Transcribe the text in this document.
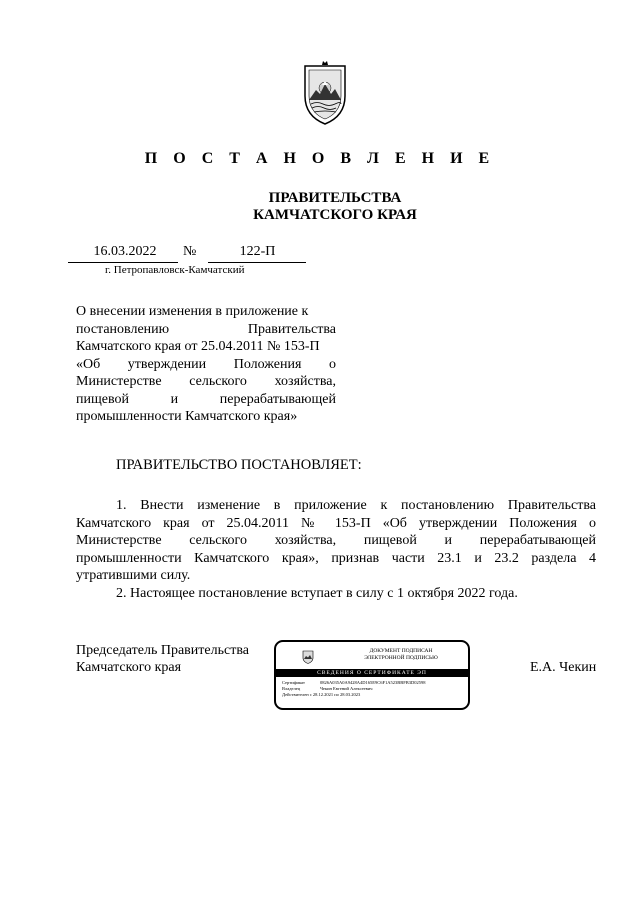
П О С Т А Н О В Л Е Н И Е
ПРАВИТЕЛЬСТВА
КАМЧАТСКОГО КРАЯ
16.03.2022	№	122-П
г. Петропавловск-Камчатский
О внесении изменения в приложение к
постановлению Правительства
Камчатского края от 25.04.2011 № 153-П
«Об утверждении Положения о
Министерстве сельского хозяйства,
пищевой и перерабатывающей
промышленности Камчатского края»
ПРАВИТЕЛЬСТВО ПОСТАНОВЛЯЕТ:
1. Внести изменение в приложение к постановлению Правительства
Камчатского края от 25.04.2011 № 153-П «Об утверждении Положения о
Министерстве сельского хозяйства, пищевой и перерабатывающей
промышленности Камчатского края», признав части 23.1 и 23.2 раздела 4
утратившими силу.
2. Настоящее постановление вступает в силу с 1 октября 2022 года.
Председатель Правительства
Камчатского края
ДОКУМЕНТ ПОДПИСАН
ЭЛЕКТРОННОЙ ПОДПИСЬЮ
СВЕДЕНИЯ О СЕРТИФИКАТЕ ЭП
Сертификат	0826A035A0A9428A4D165E9C6F1A523BBFB3D02598
Владелец	Чекин Евгений Алексеевич
Действителен с 28.12.2021 по 28.03.2023
Е.А. Чекин
